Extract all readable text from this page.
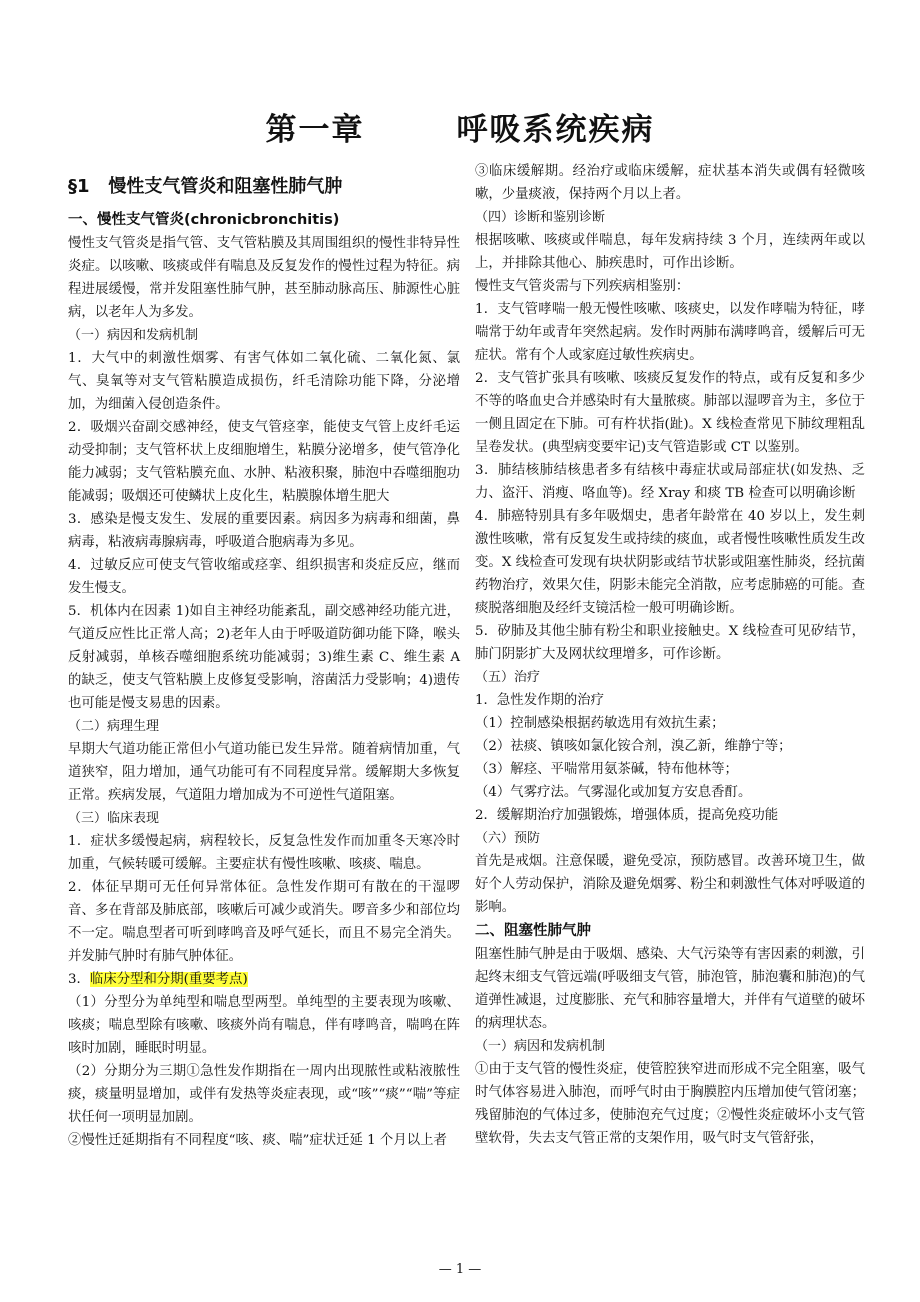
第一章	呼吸系统疾病

§1 慢性支气管炎和阻塞性肺气肿

一、慢性支气管炎(chronicbronchitis)

慢性支气管炎是指气管、支气管粘膜及其周围组织的慢性非特异性炎症。以咳嗽、咳痰或伴有喘息及反复发作的慢性过程为特征。病程进展缓慢，常并发阻塞性肺气肿，甚至肺动脉高压、肺源性心脏病，以老年人为多发。

（一）病因和发病机制

1．大气中的刺激性烟雾、有害气体如二氧化硫、二氧化氮、氯气、臭氧等对支气管粘膜造成损伤，纤毛清除功能下降，分泌增加，为细菌入侵创造条件。

2．吸烟兴奋副交感神经，使支气管痉挛，能使支气管上皮纤毛运动受抑制；支气管杯状上皮细胞增生，粘膜分泌增多，使气管净化能力减弱；支气管粘膜充血、水肿、粘液积聚，肺泡中吞噬细胞功能减弱；吸烟还可使鳞状上皮化生，粘膜腺体增生肥大

3．感染是慢支发生、发展的重要因素。病因多为病毒和细菌，鼻病毒，粘液病毒腺病毒，呼吸道合胞病毒为多见。

4．过敏反应可使支气管收缩或痉挛、组织损害和炎症反应，继而发生慢支。

5．机体内在因素 1)如自主神经功能紊乱，副交感神经功能亢进，气道反应性比正常人高；2)老年人由于呼吸道防御功能下降，喉头反射减弱，单核吞噬细胞系统功能减弱；3)维生素 C、维生素 A 的缺乏，使支气管粘膜上皮修复受影响，溶菌活力受影响；4)遗传也可能是慢支易患的因素。

（二）病理生理

早期大气道功能正常但小气道功能已发生异常。随着病情加重，气道狭窄，阻力增加，通气功能可有不同程度异常。缓解期大多恢复正常。疾病发展，气道阻力增加成为不可逆性气道阻塞。

（三）临床表现

1．症状多缓慢起病，病程较长，反复急性发作而加重冬天寒冷时加重，气候转暖可缓解。主要症状有慢性咳嗽、咳痰、喘息。

2．体征早期可无任何异常体征。急性发作期可有散在的干湿啰音、多在背部及肺底部，咳嗽后可减少或消失。啰音多少和部位均不一定。喘息型者可听到哮鸣音及呼气延长，而且不易完全消失。并发肺气肿时有肺气肿体征。

3．临床分型和分期(重要考点)

（1）分型分为单纯型和喘息型两型。单纯型的主要表现为咳嗽、咳痰；喘息型除有咳嗽、咳痰外尚有喘息，伴有哮鸣音，喘鸣在阵咳时加剧，睡眠时明显。

（2）分期分为三期①急性发作期指在一周内出现脓性或粘液脓性痰，痰量明显增加，或伴有发热等炎症表现，或“咳”“痰”“喘”等症状任何一项明显加剧。

②慢性迁延期指有不同程度“咳、痰、喘”症状迁延 1 个月以上者

③临床缓解期。经治疗或临床缓解，症状基本消失或偶有轻微咳嗽，少量痰液，保持两个月以上者。

（四）诊断和鉴别诊断

根据咳嗽、咳痰或伴喘息，每年发病持续 3 个月，连续两年或以上，并排除其他心、肺疾患时，可作出诊断。

慢性支气管炎需与下列疾病相鉴别：

1．支气管哮喘一般无慢性咳嗽、咳痰史，以发作哮喘为特征，哮喘常于幼年或青年突然起病。发作时两肺布满哮鸣音，缓解后可无症状。常有个人或家庭过敏性疾病史。

2．支气管扩张具有咳嗽、咳痰反复发作的特点，或有反复和多少不等的咯血史合并感染时有大量脓痰。肺部以湿啰音为主，多位于一侧且固定在下肺。可有杵状指(趾)。X 线检查常见下肺纹理粗乱呈卷发状。(典型病变要牢记)支气管造影或 CT 以鉴别。

3．肺结核肺结核患者多有结核中毒症状或局部症状(如发热、乏力、盗汗、消瘦、咯血等)。经 Xray 和痰 TB 检查可以明确诊断

4．肺癌特别具有多年吸烟史，患者年龄常在 40 岁以上，发生刺激性咳嗽，常有反复发生或持续的痰血，或者慢性咳嗽性质发生改变。X 线检查可发现有块状阴影或结节状影或阻塞性肺炎，经抗菌药物治疗，效果欠佳，阴影未能完全消散，应考虑肺癌的可能。查痰脱落细胞及经纤支镜活检一般可明确诊断。

5．矽肺及其他尘肺有粉尘和职业接触史。X 线检查可见矽结节，肺门阴影扩大及网状纹理增多，可作诊断。

（五）治疗

1．急性发作期的治疗

（1）控制感染根据药敏选用有效抗生素；

（2）祛痰、镇咳如氯化铵合剂，溴乙新，维静宁等；

（3）解痉、平喘常用氨茶碱，特布他林等；

（4）气雾疗法。气雾湿化或加复方安息香酊。

2．缓解期治疗加强锻炼，增强体质，提高免疫功能

（六）预防

首先是戒烟。注意保暖，避免受凉，预防感冒。改善环境卫生，做好个人劳动保护，消除及避免烟雾、粉尘和刺激性气体对呼吸道的影响。

二、阻塞性肺气肿

阻塞性肺气肿是由于吸烟、感染、大气污染等有害因素的刺激，引起终末细支气管远端(呼吸细支气管，肺泡管，肺泡囊和肺泡)的气道弹性减退，过度膨胀、充气和肺容量增大，并伴有气道壁的破坏的病理状态。

（一）病因和发病机制

①由于支气管的慢性炎症，使管腔狭窄进而形成不完全阻塞，吸气时气体容易进入肺泡，而呼气时由于胸膜腔内压增加使气管闭塞；残留肺泡的气体过多，使肺泡充气过度；②慢性炎症破坏小支气管壁软骨，失去支气管正常的支架作用，吸气时支气管舒张，

— 1 —
